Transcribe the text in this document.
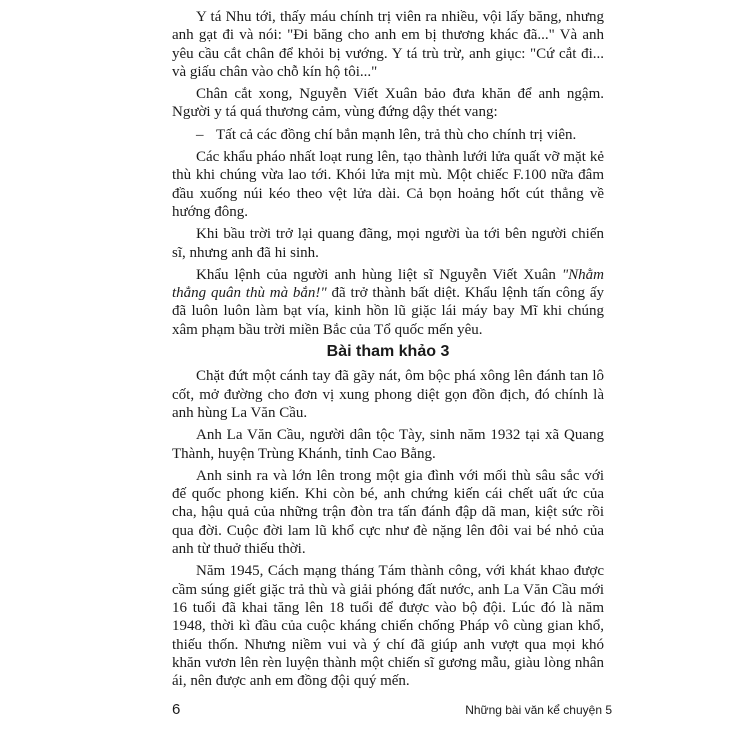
Y tá Nhu tới, thấy máu chính trị viên ra nhiều, vội lấy băng, nhưng anh gạt đi và nói: "Đi băng cho anh em bị thương khác đã..." Và anh yêu cầu cắt chân để khỏi bị vướng. Y tá trù trừ, anh giục: "Cứ cắt đi... và giấu chân vào chỗ kín hộ tôi..."

Chân cắt xong, Nguyễn Viết Xuân bảo đưa khăn để anh ngậm. Người y tá quá thương cảm, vùng đứng dậy thét vang:

– Tất cả các đồng chí bắn mạnh lên, trả thù cho chính trị viên.

Các khẩu pháo nhất loạt rung lên, tạo thành lưới lửa quất vỡ mặt kẻ thù khi chúng vừa lao tới. Khói lửa mịt mù. Một chiếc F.100 nữa đâm đầu xuống núi kéo theo vệt lửa dài. Cả bọn hoảng hốt cút thẳng về hướng đông.

Khi bầu trời trở lại quang đãng, mọi người ùa tới bên người chiến sĩ, nhưng anh đã hi sinh.

Khẩu lệnh của người anh hùng liệt sĩ Nguyễn Viết Xuân "Nhằm thẳng quân thù mà bắn!" đã trở thành bất diệt. Khẩu lệnh tấn công ấy đã luôn luôn làm bạt vía, kinh hồn lũ giặc lái máy bay Mĩ khi chúng xâm phạm bầu trời miền Bắc của Tổ quốc mến yêu.

Bài tham khảo 3

Chặt đứt một cánh tay đã gãy nát, ôm bộc phá xông lên đánh tan lô cốt, mở đường cho đơn vị xung phong diệt gọn đồn địch, đó chính là anh hùng La Văn Cầu.

Anh La Văn Cầu, người dân tộc Tày, sinh năm 1932 tại xã Quang Thành, huyện Trùng Khánh, tỉnh Cao Bằng.

Anh sinh ra và lớn lên trong một gia đình với mối thù sâu sắc với đế quốc phong kiến. Khi còn bé, anh chứng kiến cái chết uất ức của cha, hậu quả của những trận đòn tra tấn đánh đập dã man, kiệt sức rồi qua đời. Cuộc đời lam lũ khổ cực như đè nặng lên đôi vai bé nhỏ của anh từ thuở thiếu thời.

Năm 1945, Cách mạng tháng Tám thành công, với khát khao được cầm súng giết giặc trả thù và giải phóng đất nước, anh La Văn Cầu mới 16 tuổi đã khai tăng lên 18 tuổi để được vào bộ đội. Lúc đó là năm 1948, thời kì đầu của cuộc kháng chiến chống Pháp vô cùng gian khổ, thiếu thốn. Nhưng niềm vui và ý chí đã giúp anh vượt qua mọi khó khăn vươn lên rèn luyện thành một chiến sĩ gương mẫu, giàu lòng nhân ái, nên được anh em đồng đội quý mến.

6	Những bài văn kể chuyện 5
